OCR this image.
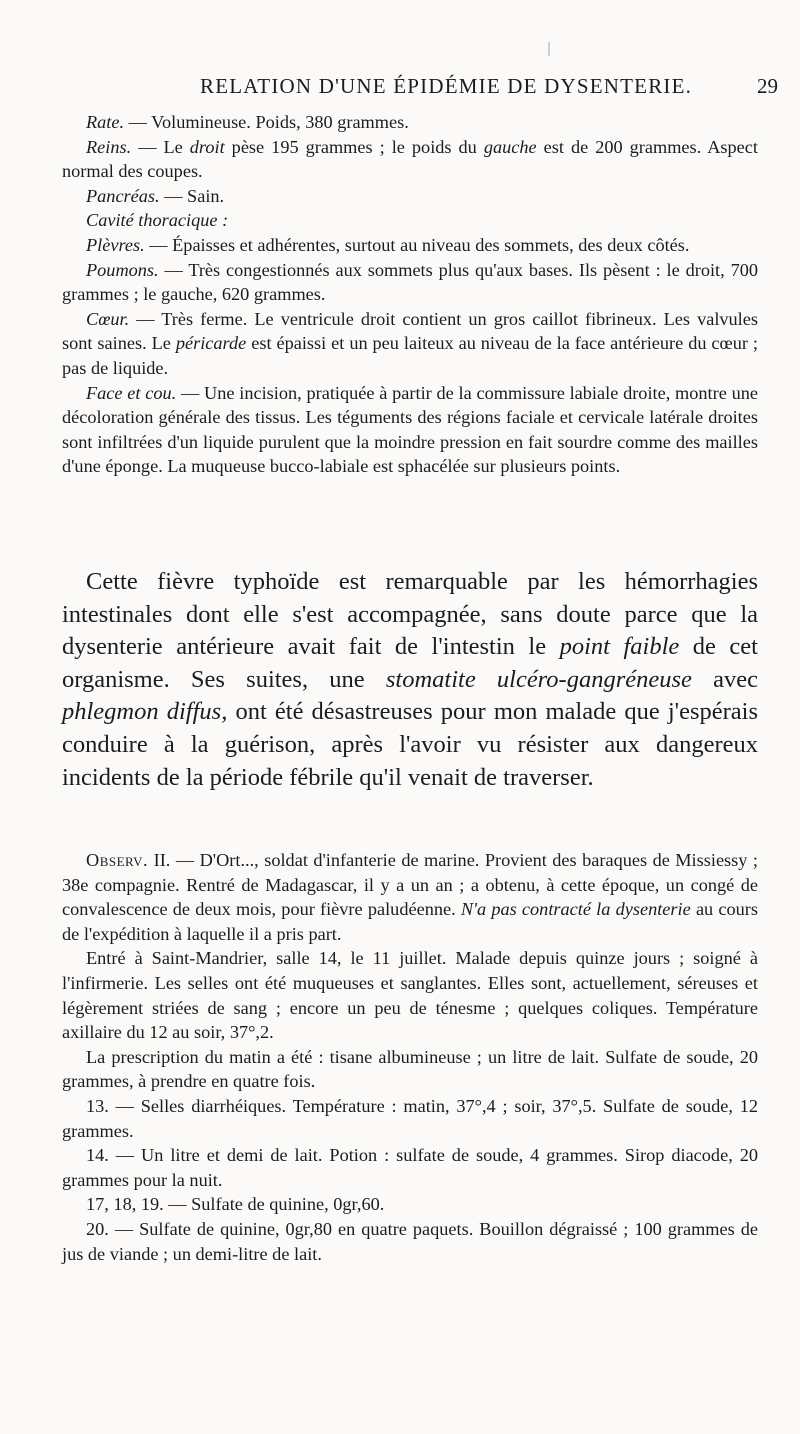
RELATION D'UNE ÉPIDÉMIE DE DYSENTERIE.	29

Rate. — Volumineuse. Poids, 380 grammes.

Reins. — Le droit pèse 195 grammes ; le poids du gauche est de 200 grammes. Aspect normal des coupes.

Pancréas. — Sain.

Cavité thoracique :

Plèvres. — Épaisses et adhérentes, surtout au niveau des sommets, des deux côtés.

Poumons. — Très congestionnés aux sommets plus qu'aux bases. Ils pèsent : le droit, 700 grammes ; le gauche, 620 grammes.

Cœur. — Très ferme. Le ventricule droit contient un gros caillot fibrineux. Les valvules sont saines. Le péricarde est épaissi et un peu laiteux au niveau de la face antérieure du cœur ; pas de liquide.

Face et cou. — Une incision, pratiquée à partir de la commissure labiale droite, montre une décoloration générale des tissus. Les téguments des régions faciale et cervicale latérale droites sont infiltrées d'un liquide purulent que la moindre pression en fait sourdre comme des mailles d'une éponge. La muqueuse bucco-labiale est sphacélée sur plusieurs points.

Cette fièvre typhoïde est remarquable par les hémorrhagies intestinales dont elle s'est accompagnée, sans doute parce que la dysenterie antérieure avait fait de l'intestin le point faible de cet organisme. Ses suites, une stomatite ulcéro-gangréneuse avec phlegmon diffus, ont été désastreuses pour mon malade que j'espérais conduire à la guérison, après l'avoir vu résister aux dangereux incidents de la période fébrile qu'il venait de traverser.

Observ. II. — D'Ort..., soldat d'infanterie de marine. Provient des baraques de Missiessy ; 38e compagnie. Rentré de Madagascar, il y a un an ; a obtenu, à cette époque, un congé de convalescence de deux mois, pour fièvre paludéenne. N'a pas contracté la dysenterie au cours de l'expédition à laquelle il a pris part.

Entré à Saint-Mandrier, salle 14, le 11 juillet. Malade depuis quinze jours ; soigné à l'infirmerie. Les selles ont été muqueuses et sanglantes. Elles sont, actuellement, séreuses et légèrement striées de sang ; encore un peu de ténesme ; quelques coliques. Température axillaire du 12 au soir, 37°,2.

La prescription du matin a été : tisane albumineuse ; un litre de lait. Sulfate de soude, 20 grammes, à prendre en quatre fois.

13. — Selles diarrhéiques. Température : matin, 37°,4 ; soir, 37°,5. Sulfate de soude, 12 grammes.

14. — Un litre et demi de lait. Potion : sulfate de soude, 4 grammes. Sirop diacode, 20 grammes pour la nuit.

17, 18, 19. — Sulfate de quinine, 0gr,60.

20. — Sulfate de quinine, 0gr,80 en quatre paquets. Bouillon dégraissé ; 100 grammes de jus de viande ; un demi-litre de lait.
